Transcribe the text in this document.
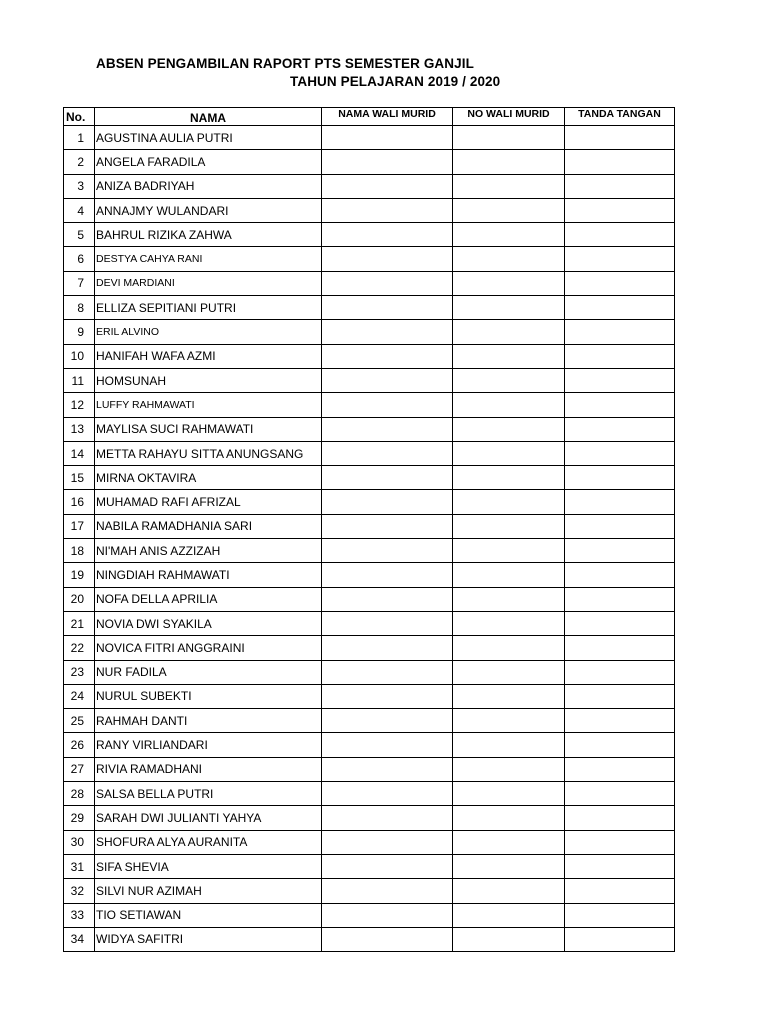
ABSEN PENGAMBILAN RAPORT PTS SEMESTER GANJIL
TAHUN PELAJARAN 2019 / 2020
No.	NAMA	NAMA WALI MURID	NO WALI MURID	TANDA TANGAN
1	AGUSTINA AULIA PUTRI			
2	ANGELA FARADILA			
3	ANIZA BADRIYAH			
4	ANNAJMY WULANDARI			
5	BAHRUL RIZIKA ZAHWA			
6	DESTYA CAHYA RANI			
7	DEVI MARDIANI			
8	ELLIZA SEPITIANI PUTRI			
9	ERIL ALVINO			
10	HANIFAH WAFA AZMI			
11	HOMSUNAH			
12	LUFFY RAHMAWATI			
13	MAYLISA SUCI RAHMAWATI			
14	METTA RAHAYU SITTA ANUNGSANG			
15	MIRNA OKTAVIRA			
16	MUHAMAD RAFI AFRIZAL			
17	NABILA RAMADHANIA SARI			
18	NI'MAH ANIS AZZIZAH			
19	NINGDIAH RAHMAWATI			
20	NOFA DELLA APRILIA			
21	NOVIA DWI SYAKILA			
22	NOVICA FITRI ANGGRAINI			
23	NUR FADILA			
24	NURUL SUBEKTI			
25	RAHMAH DANTI			
26	RANY VIRLIANDARI			
27	RIVIA RAMADHANI			
28	SALSA BELLA PUTRI			
29	SARAH DWI JULIANTI YAHYA			
30	SHOFURA ALYA AURANITA			
31	SIFA SHEVIA			
32	SILVI NUR AZIMAH			
33	TIO SETIAWAN			
34	WIDYA SAFITRI			
